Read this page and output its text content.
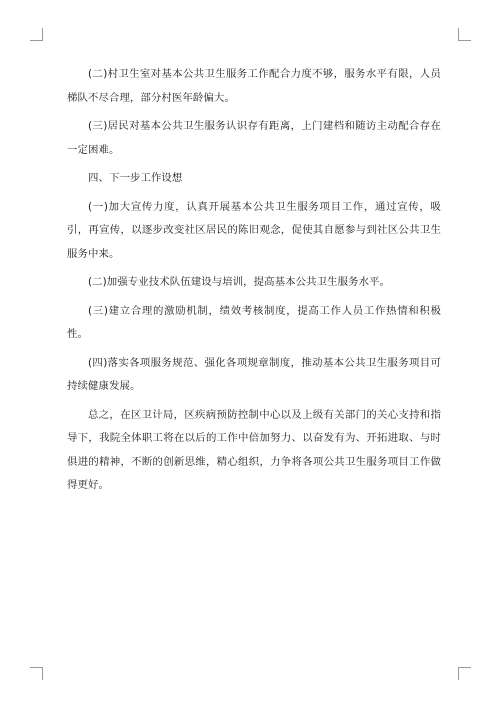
(二)村卫生室对基本公共卫生服务工作配合力度不够，服务水平有限，人员梯队不尽合理，部分村医年龄偏大。

(三)居民对基本公共卫生服务认识存有距离，上门建档和随访主动配合存在一定困难。

四、下一步工作设想

(一)加大宣传力度，认真开展基本公共卫生服务项目工作，通过宣传，吸引，再宣传，以逐步改变社区居民的陈旧观念，促使其自愿参与到社区公共卫生服务中来。

(二)加强专业技术队伍建设与培训，提高基本公共卫生服务水平。

(三)建立合理的激励机制，绩效考核制度，提高工作人员工作热情和积极性。

(四)落实各项服务规范、强化各项规章制度，推动基本公共卫生服务项目可持续健康发展。

总之，在区卫计局，区疾病预防控制中心以及上级有关部门的关心支持和指导下，我院全体职工将在以后的工作中倍加努力、以奋发有为、开拓进取、与时俱进的精神，不断的创新思维，精心组织，力争将各项公共卫生服务项目工作做得更好。
